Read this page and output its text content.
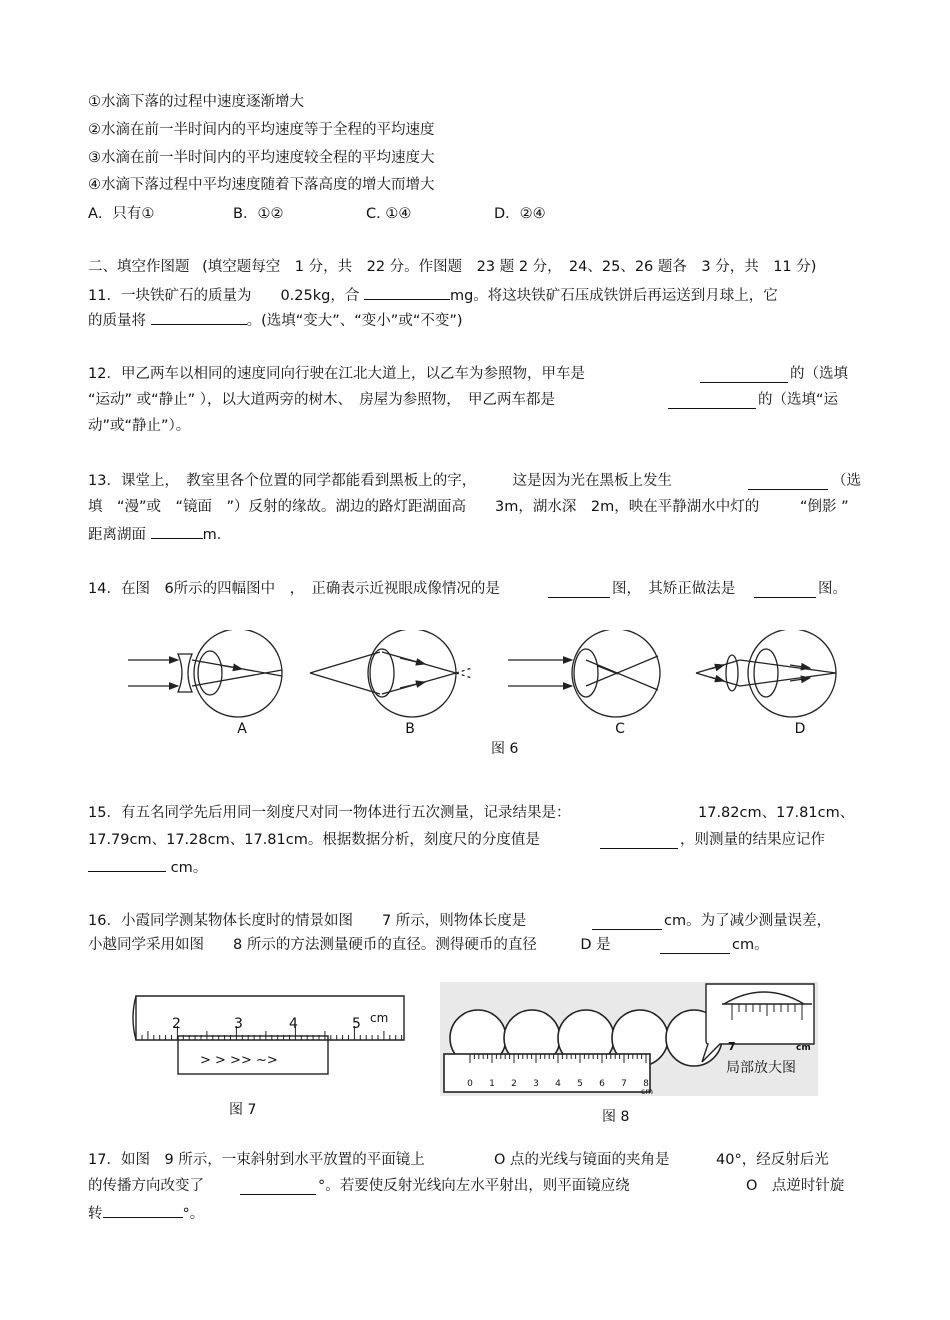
①水滴下落的过程中速度逐渐增大
②水滴在前一半时间内的平均速度等于全程的平均速度
③水滴在前一半时间内的平均速度较全程的平均速度大
④水滴下落过程中平均速度随着下落高度的增大而增大
A．只有①	B．①②	C. ①④	D．②④
二、填空作图题 (填空题每空　1 分，共　22 分。作图题　23 题 2 分，　24、25、26 题各　3 分，共　11 分)
11．一块铁矿石的质量为　　0.25kg，合	mg。将这块铁矿石压成铁饼后再运送到月球上，它
的质量将	。(选填“变大”、“变小”或“不变”)
12．甲乙两车以相同的速度同向行驶在江北大道上，以乙车为参照物，甲车是	的（选填
“运动” 或“静止” ），以大道两旁的树木、　房屋为参照物，　甲乙两车都是	的（选填“运
动”或“静止”）。
13．课堂上，　教室里各个位置的同学都能看到黑板上的字，　　　这是因为光在黑板上发生	（选
填　“漫”或　“镜面　”）反射的缘故。湖边的路灯距湖面高　　3m，湖水深　2m，映在平静湖水中灯的	“倒影 ”
距离湖面	m．
14．在图　6所示的四幅图中　，　正确表示近视眼成像情况的是	图，　其矫正做法是	图。
A	B	C	D
图 6
15．有五名同学先后用同一刻度尺对同一物体进行五次测量，记录结果是：	17.82cm、17.81cm、
17.79cm、17.28cm、17.81cm。根据数据分析，刻度尺的分度值是	，则测量的结果应记作
cm。
16．小霞同学测某物体长度时的情景如图　　7 所示，则物体长度是	cm。为了减少测量误差，
小越同学采用如图　　8 所示的方法测量硬币的直径。测得硬币的直径　　　D 是	cm。
2	3	4	5 cm
> > >> ~>
图 7
0 1 2 3 4 5 6 7 8
cm
7	cm
局部放大图
图 8
17．如图　9 所示，一束斜射到水平放置的平面镜上	O 点的光线与镜面的夹角是	40°，经反射后光
的传播方向改变了	°。若要使反射光线向左水平射出，则平面镜应绕	O　点逆时针旋
转	°。
